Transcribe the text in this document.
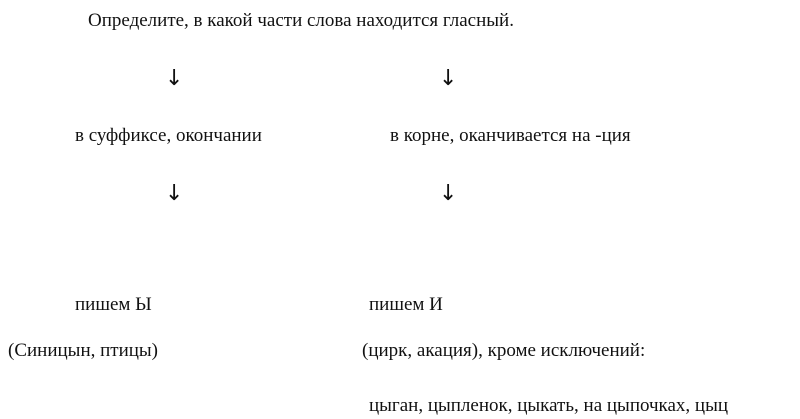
Определите, в какой части слова находится гласный.
↓	↓
в суффиксе, окончании	в корне, оканчивается на -ция
↓	↓
пишем Ы	пишем И
(Синицын, птицы)	(цирк, акация), кроме исключений:
цыган, цыпленок, цыкать, на цыпочках, цыц
